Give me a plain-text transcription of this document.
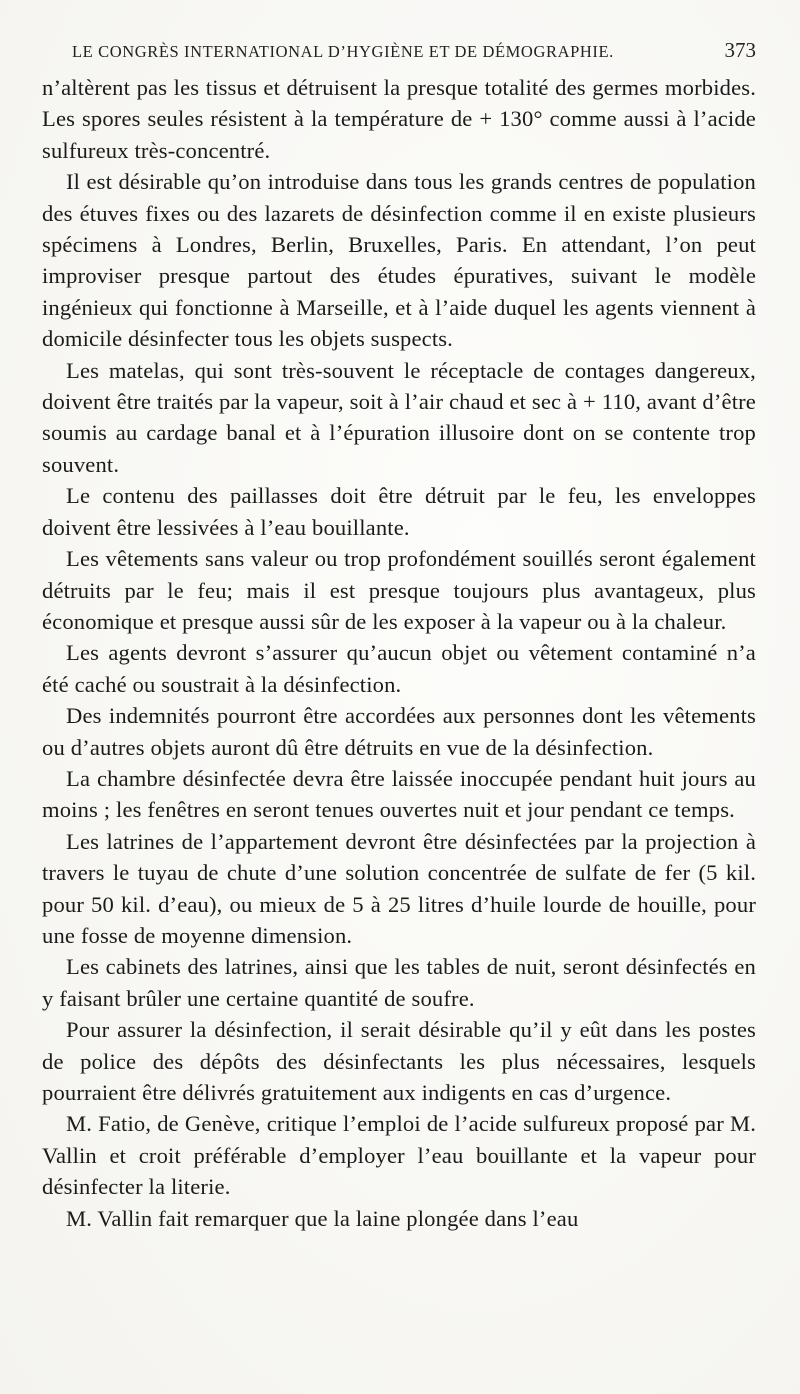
LE CONGRÈS INTERNATIONAL D’HYGIÈNE ET DE DÉMOGRAPHIE.	373

n’altèrent pas les tissus et détruisent la presque totalité des germes morbides. Les spores seules résistent à la température de + 130° comme aussi à l’acide sulfureux très-concentré.

Il est désirable qu’on introduise dans tous les grands centres de population des étuves fixes ou des lazarets de désinfection comme il en existe plusieurs spécimens à Londres, Berlin, Bruxelles, Paris. En attendant, l’on peut improviser presque partout des études épuratives, suivant le modèle ingénieux qui fonctionne à Marseille, et à l’aide duquel les agents viennent à domicile désinfecter tous les objets suspects.

Les matelas, qui sont très-souvent le réceptacle de contages dangereux, doivent être traités par la vapeur, soit à l’air chaud et sec à + 110, avant d’être soumis au cardage banal et à l’épuration illusoire dont on se contente trop souvent.

Le contenu des paillasses doit être détruit par le feu, les enveloppes doivent être lessivées à l’eau bouillante.

Les vêtements sans valeur ou trop profondément souillés seront également détruits par le feu; mais il est presque toujours plus avantageux, plus économique et presque aussi sûr de les exposer à la vapeur ou à la chaleur.

Les agents devront s’assurer qu’aucun objet ou vêtement contaminé n’a été caché ou soustrait à la désinfection.

Des indemnités pourront être accordées aux personnes dont les vêtements ou d’autres objets auront dû être détruits en vue de la désinfection.

La chambre désinfectée devra être laissée inoccupée pendant huit jours au moins ; les fenêtres en seront tenues ouvertes nuit et jour pendant ce temps.

Les latrines de l’appartement devront être désinfectées par la projection à travers le tuyau de chute d’une solution concentrée de sulfate de fer (5 kil. pour 50 kil. d’eau), ou mieux de 5 à 25 litres d’huile lourde de houille, pour une fosse de moyenne dimension.

Les cabinets des latrines, ainsi que les tables de nuit, seront désinfectés en y faisant brûler une certaine quantité de soufre.

Pour assurer la désinfection, il serait désirable qu’il y eût dans les postes de police des dépôts des désinfectants les plus nécessaires, lesquels pourraient être délivrés gratuitement aux indigents en cas d’urgence.

M. Fatio, de Genève, critique l’emploi de l’acide sulfureux proposé par M. Vallin et croit préférable d’employer l’eau bouillante et la vapeur pour désinfecter la literie.

M. Vallin fait remarquer que la laine plongée dans l’eau
